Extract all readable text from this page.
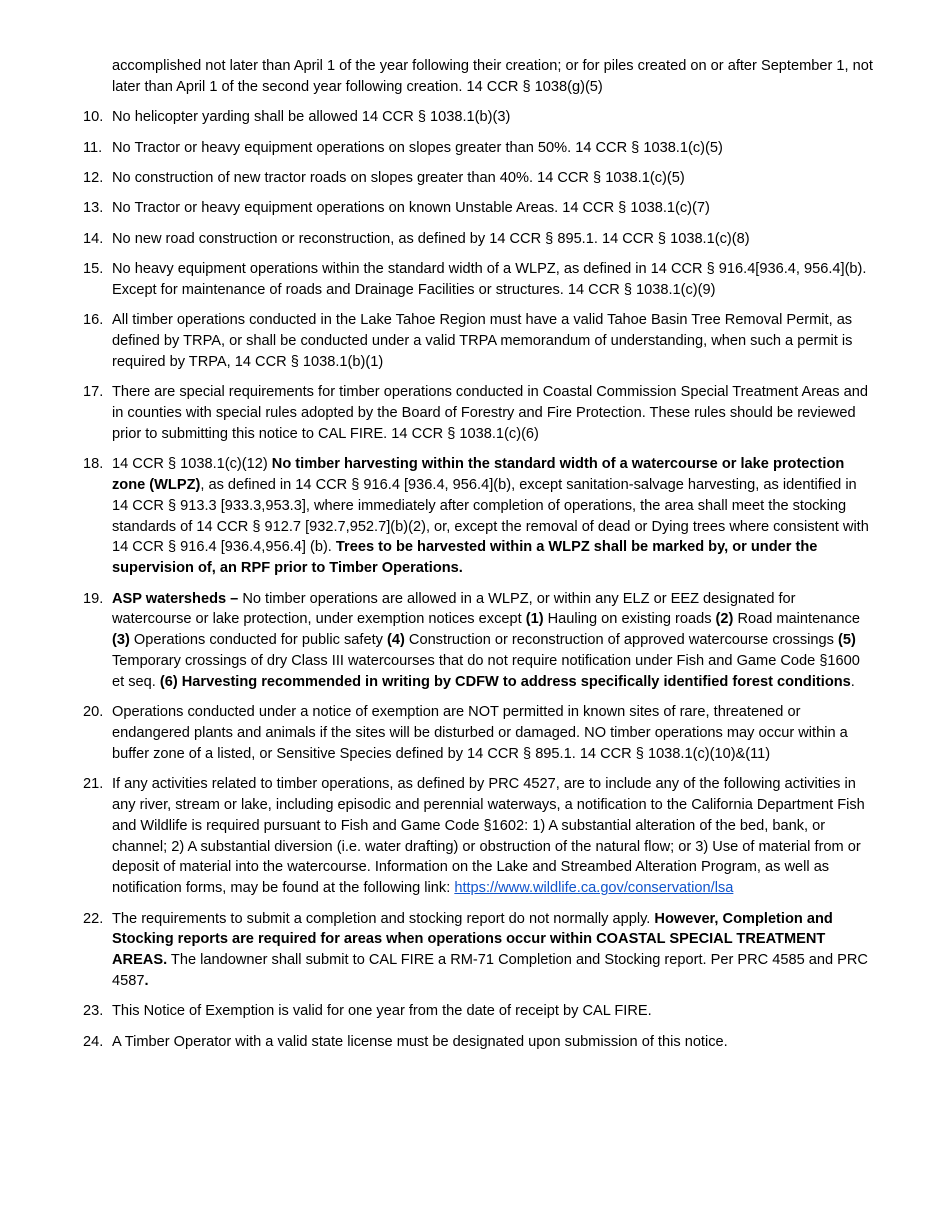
accomplished not later than April 1 of the year following their creation; or for piles created on or after September 1, not later than April 1 of the second year following creation. 14 CCR § 1038(g)(5)
10. No helicopter yarding shall be allowed 14 CCR § 1038.1(b)(3)
11. No Tractor or heavy equipment operations on slopes greater than 50%. 14 CCR § 1038.1(c)(5)
12. No construction of new tractor roads on slopes greater than 40%. 14 CCR § 1038.1(c)(5)
13. No Tractor or heavy equipment operations on known Unstable Areas. 14 CCR § 1038.1(c)(7)
14. No new road construction or reconstruction, as defined by 14 CCR § 895.1. 14 CCR § 1038.1(c)(8)
15. No heavy equipment operations within the standard width of a WLPZ, as defined in 14 CCR § 916.4[936.4, 956.4](b). Except for maintenance of roads and Drainage Facilities or structures. 14 CCR § 1038.1(c)(9)
16. All timber operations conducted in the Lake Tahoe Region must have a valid Tahoe Basin Tree Removal Permit, as defined by TRPA, or shall be conducted under a valid TRPA memorandum of understanding, when such a permit is required by TRPA, 14 CCR § 1038.1(b)(1)
17. There are special requirements for timber operations conducted in Coastal Commission Special Treatment Areas and in counties with special rules adopted by the Board of Forestry and Fire Protection. These rules should be reviewed prior to submitting this notice to CAL FIRE. 14 CCR § 1038.1(c)(6)
18. 14 CCR § 1038.1(c)(12) No timber harvesting within the standard width of a watercourse or lake protection zone (WLPZ), as defined in 14 CCR § 916.4 [936.4, 956.4](b), except sanitation-salvage harvesting, as identified in 14 CCR § 913.3 [933.3,953.3], where immediately after completion of operations, the area shall meet the stocking standards of 14 CCR § 912.7 [932.7,952.7](b)(2), or, except the removal of dead or Dying trees where consistent with 14 CCR § 916.4 [936.4,956.4] (b). Trees to be harvested within a WLPZ shall be marked by, or under the supervision of, an RPF prior to Timber Operations.
19. ASP watersheds – No timber operations are allowed in a WLPZ, or within any ELZ or EEZ designated for watercourse or lake protection, under exemption notices except (1) Hauling on existing roads (2) Road maintenance (3) Operations conducted for public safety (4) Construction or reconstruction of approved watercourse crossings (5) Temporary crossings of dry Class III watercourses that do not require notification under Fish and Game Code §1600 et seq. (6) Harvesting recommended in writing by CDFW to address specifically identified forest conditions.
20. Operations conducted under a notice of exemption are NOT permitted in known sites of rare, threatened or endangered plants and animals if the sites will be disturbed or damaged. NO timber operations may occur within a buffer zone of a listed, or Sensitive Species defined by 14 CCR § 895.1. 14 CCR § 1038.1(c)(10)&(11)
21. If any activities related to timber operations, as defined by PRC 4527, are to include any of the following activities in any river, stream or lake, including episodic and perennial waterways, a notification to the California Department Fish and Wildlife is required pursuant to Fish and Game Code §1602: 1) A substantial alteration of the bed, bank, or channel; 2) A substantial diversion (i.e. water drafting) or obstruction of the natural flow; or 3) Use of material from or deposit of material into the watercourse. Information on the Lake and Streambed Alteration Program, as well as notification forms, may be found at the following link: https://www.wildlife.ca.gov/conservation/lsa
22. The requirements to submit a completion and stocking report do not normally apply. However, Completion and Stocking reports are required for areas when operations occur within COASTAL SPECIAL TREATMENT AREAS. The landowner shall submit to CAL FIRE a RM-71 Completion and Stocking report. Per PRC 4585 and PRC 4587.
23. This Notice of Exemption is valid for one year from the date of receipt by CAL FIRE.
24. A Timber Operator with a valid state license must be designated upon submission of this notice.
